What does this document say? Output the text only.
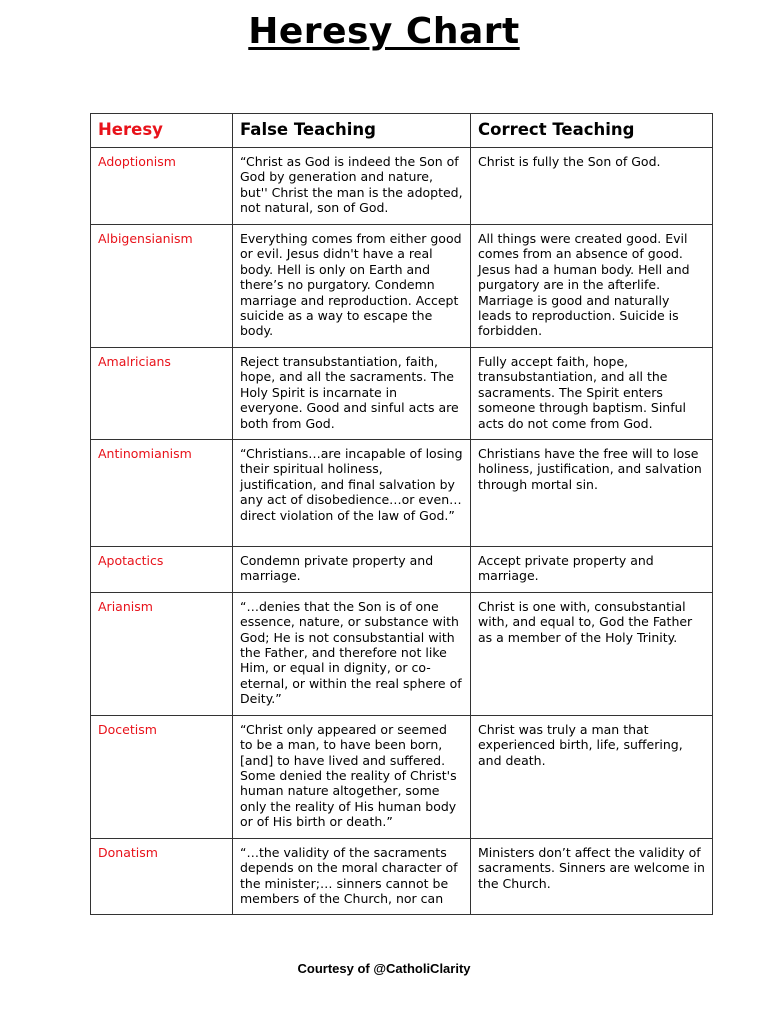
Heresy Chart
Heresy	False Teaching	Correct Teaching
Adoptionism	“Christ as God is indeed the Son of God by generation and nature, but'' Christ the man is the adopted, not natural, son of God.	Christ is fully the Son of God.
Albigensianism	Everything comes from either good or evil. Jesus didn't have a real body. Hell is only on Earth and there’s no purgatory. Condemn marriage and reproduction. Accept suicide as a way to escape the body.	All things were created good. Evil comes from an absence of good. Jesus had a human body. Hell and purgatory are in the afterlife. Marriage is good and naturally leads to reproduction. Suicide is forbidden.
Amalricians	Reject transubstantiation, faith, hope, and all the sacraments. The Holy Spirit is incarnate in everyone. Good and sinful acts are both from God.	Fully accept faith, hope, transubstantiation, and all the sacraments. The Spirit enters someone through baptism. Sinful acts do not come from God.
Antinomianism	“Christians…are incapable of losing their spiritual holiness, justification, and final salvation by any act of disobedience…or even…direct violation of the law of God.”	Christians have the free will to lose holiness, justification, and salvation through mortal sin.
Apotactics	Condemn private property and marriage.	Accept private property and marriage.
Arianism	“…denies that the Son is of one essence, nature, or substance with God; He is not consubstantial with the Father, and therefore not like Him, or equal in dignity, or co-eternal, or within the real sphere of Deity.”	Christ is one with, consubstantial with, and equal to, God the Father as a member of the Holy Trinity.
Docetism	“Christ only appeared or seemed to be a man, to have been born, [and] to have lived and suffered. Some denied the reality of Christ's human nature altogether, some only the reality of His human body or of His birth or death.”	Christ was truly a man that experienced birth, life, suffering, and death.
Donatism	“…the validity of the sacraments depends on the moral character of the minister;… sinners cannot be members of the Church, nor can	Ministers don’t affect the validity of sacraments. Sinners are welcome in the Church.
Courtesy of @CatholiClarity
